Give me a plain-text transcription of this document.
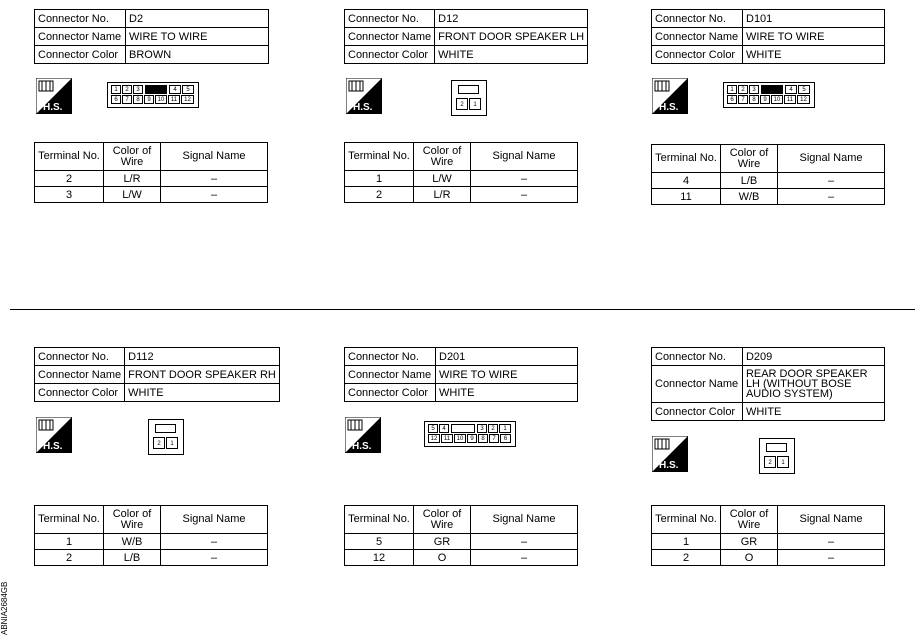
Connector No.	D2
Connector Name	WIRE TO WIRE
Connector Color	BROWN
H.S.
1	2	3	4	5
6	7	8	9	10	11	12
Terminal No.	Color of Wire	Signal Name
2	L/R	–
3	L/W	–
Connector No.	D12
Connector Name	FRONT DOOR SPEAKER LH
Connector Color	WHITE
H.S.	2	1
Terminal No.	Color of Wire	Signal Name
1	L/W	–
2	L/R	–
Connector No.	D101
Connector Name	WIRE TO WIRE
Connector Color	WHITE
H.S.
1	2	3	4	5
6	7	8	9	10	11	12
Terminal No.	Color of Wire	Signal Name
4	L/B	–
11	W/B	–
Connector No.	D112
Connector Name	FRONT DOOR SPEAKER RH
Connector Color	WHITE
H.S.	2	1
Terminal No.	Color of Wire	Signal Name
1	W/B	–
2	L/B	–
Connector No.	D201
Connector Name	WIRE TO WIRE
Connector Color	WHITE
H.S.
5	4	3	2	1
12	11	10	9	8	7	6
Terminal No.	Color of Wire	Signal Name
5	GR	–
12	O	–
Connector No.	D209
Connector Name	REAR DOOR SPEAKER LH (WITHOUT BOSE AUDIO SYSTEM)
Connector Color	WHITE
H.S.	2	1
Terminal No.	Color of Wire	Signal Name
1	GR	–
2	O	–
ABNIA2684GB
